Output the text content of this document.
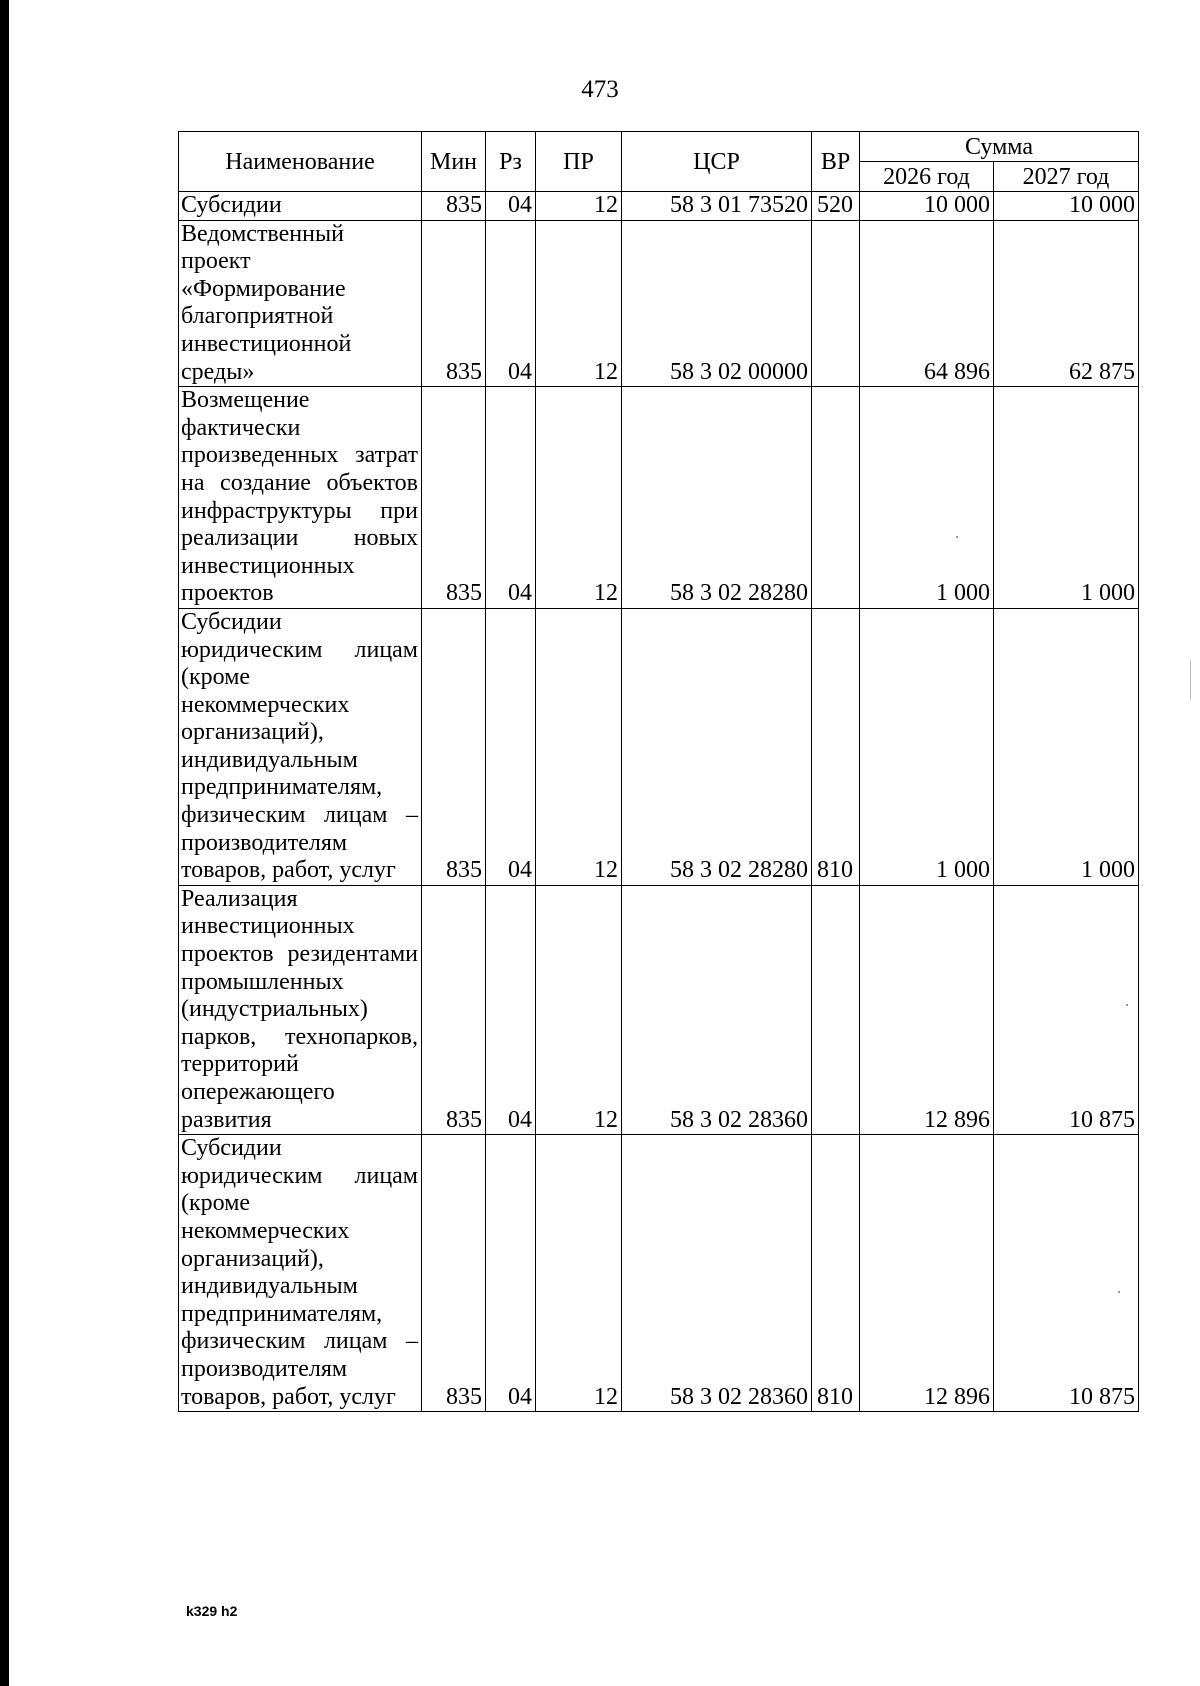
473
Наименование	Мин	Рз	ПР	ЦСР	ВР	Сумма	
						2026 год	2027 год
Субсидии	835	04	12	58 3 01 73520	520	10 000	10 000
Ведомственный проект «Формирование благоприятной инвестиционной среды»	835	04	12	58 3 02 00000		64 896	62 875
Возмещение фактически произведенных затрат на создание объектов инфраструктуры при реализации новых инвестиционных проектов	835	04	12	58 3 02 28280		1 000	1 000
Субсидии юридическим лицам (кроме некоммерческих организаций), индивидуальным предпринимателям, физическим лицам – производителям товаров, работ, услуг	835	04	12	58 3 02 28280	810	1 000	1 000
Реализация инвестиционных проектов резидентами промышленных (индустриальных) парков, технопарков, территорий опережающего развития	835	04	12	58 3 02 28360		12 896	10 875
Субсидии юридическим лицам (кроме некоммерческих организаций), индивидуальным предпринимателям, физическим лицам – производителям товаров, работ, услуг	835	04	12	58 3 02 28360	810	12 896	10 875
k329 h2
